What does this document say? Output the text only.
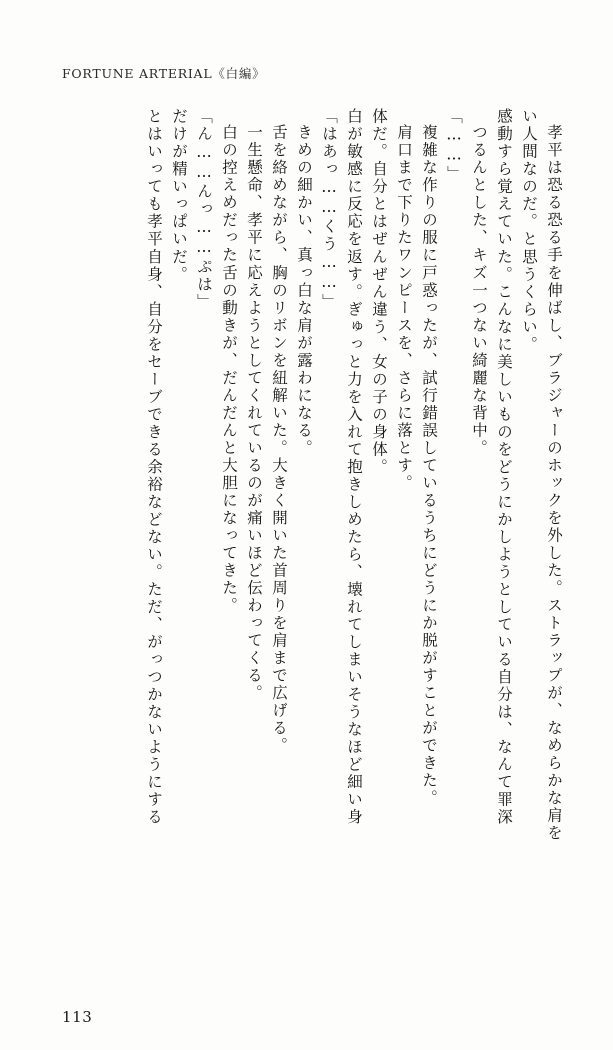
FORTUNE ARTERIAL《白編》
とはいっても孝平自身、自分をセーブできる余裕などない。ただ、がっつかないようにする だけが精いっぱいだ。 「ん……んっ……ぷは」 白の控えめだった舌の動きが、だんだんと大胆になってきた。 一生懸命、孝平に応えようとしてくれているのが痛いほど伝わってくる。 舌を絡めながら、胸のリボンを紐解いた。大きく開いた首周りを肩まで広げる。 きめの細かい、真っ白な肩が露わになる。 「はあっ……くう……」 白が敏感に反応を返す。ぎゅっと力を入れて抱きしめたら、壊れてしまいそうなほど細い身 体だ。自分とはぜんぜん違う、女の子の身体。 肩口まで下りたワンピースを、さらに落とす。 複雑な作りの服に戸惑ったが、試行錯誤しているうちにどうにか脱がすことができた。 「……」 つるんとした、キズ一つない綺麗な背中。 感動すら覚えていた。こんなに美しいものをどうにかしようとしている自分は、なんて罪深 い人間なのだ。と思うくらい。 孝平は恐る恐る手を伸ばし、ブラジャーのホックを外した。ストラップが、なめらかな肩を
113
